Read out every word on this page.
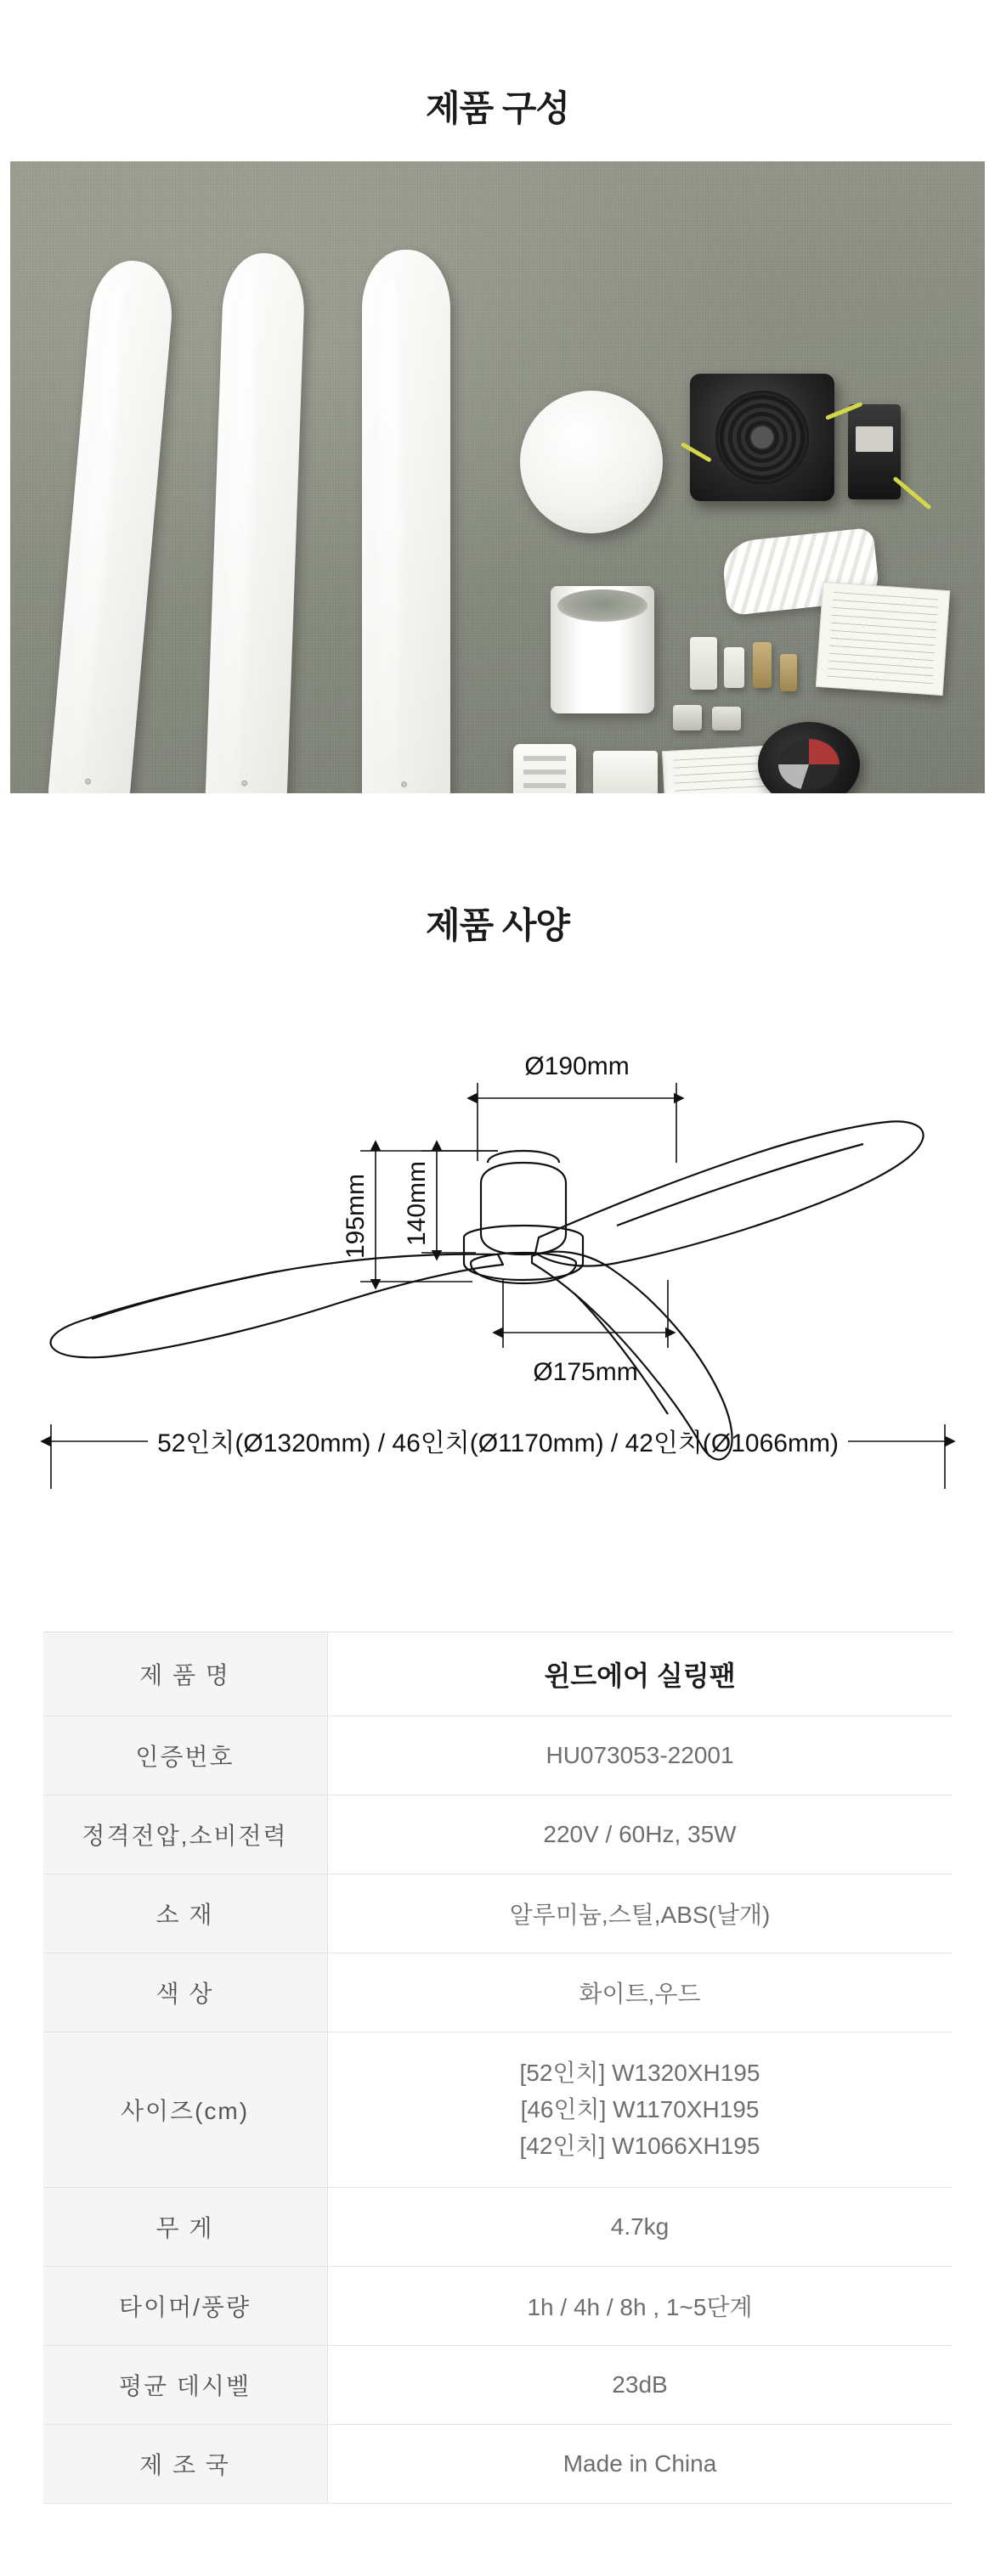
제품 구성
제품 사양
Ø190mm
195mm 140mm
Ø175mm
52인치(Ø1320mm) / 46인치(Ø1170mm) / 42인치(Ø1066mm)
제 품 명	윈드에어 실링팬
인증번호	HU073053-22001
정격전압,소비전력	220V / 60Hz, 35W
소 재	알루미늄,스틸,ABS(날개)
색 상	화이트,우드
사이즈(cm)	[52인치] W1320XH195
[46인치] W1170XH195
[42인치] W1066XH195
무 게	4.7kg
타이머/풍량	1h / 4h / 8h , 1~5단계
평균 데시벨	23dB
제 조 국	Made in China
